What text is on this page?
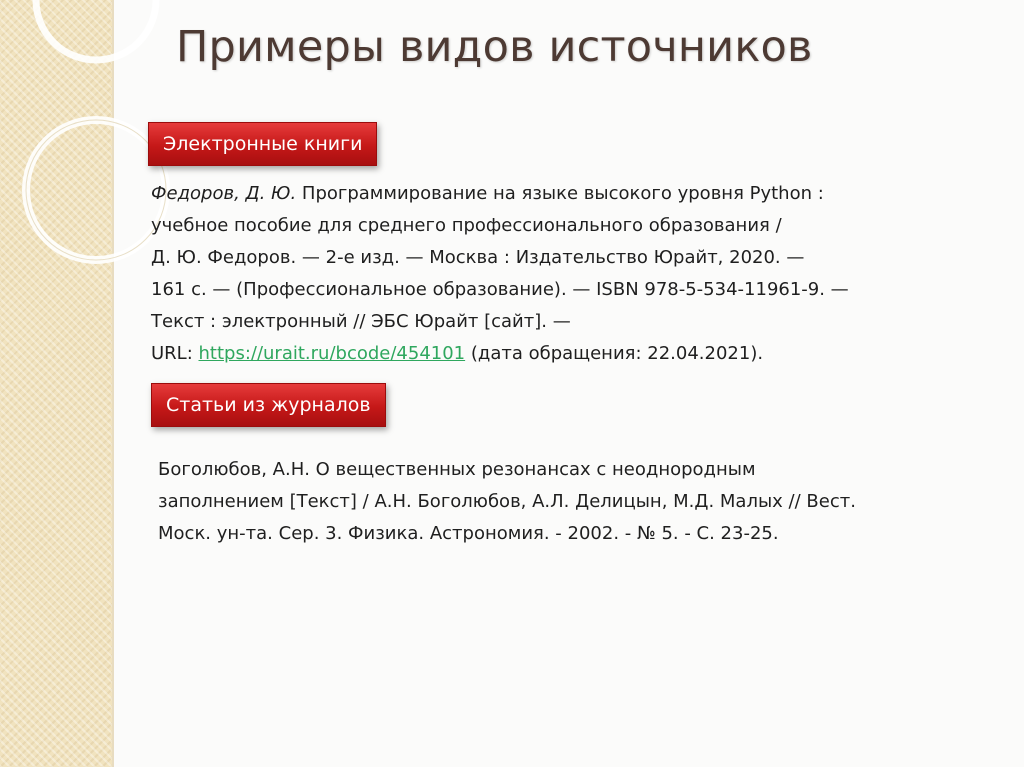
Примеры видов источников
Электронные книги
Федоров, Д. Ю. Программирование на языке высокого уровня Python :
учебное пособие для среднего профессионального образования /
Д. Ю. Федоров. — 2-е изд. — Москва : Издательство Юрайт, 2020. —
161 с. — (Профессиональное образование). — ISBN 978-5-534-11961-9. —
Текст : электронный // ЭБС Юрайт [сайт]. —
URL: https://urait.ru/bcode/454101 (дата обращения: 22.04.2021).
Статьи из журналов
Боголюбов, А.Н. О вещественных резонансах с неоднородным
заполнением [Текст] / А.Н. Боголюбов, А.Л. Делицын, М.Д. Малых // Вест.
Моск. ун-та. Сер. 3. Физика. Астрономия. - 2002. - № 5. - С. 23-25.
